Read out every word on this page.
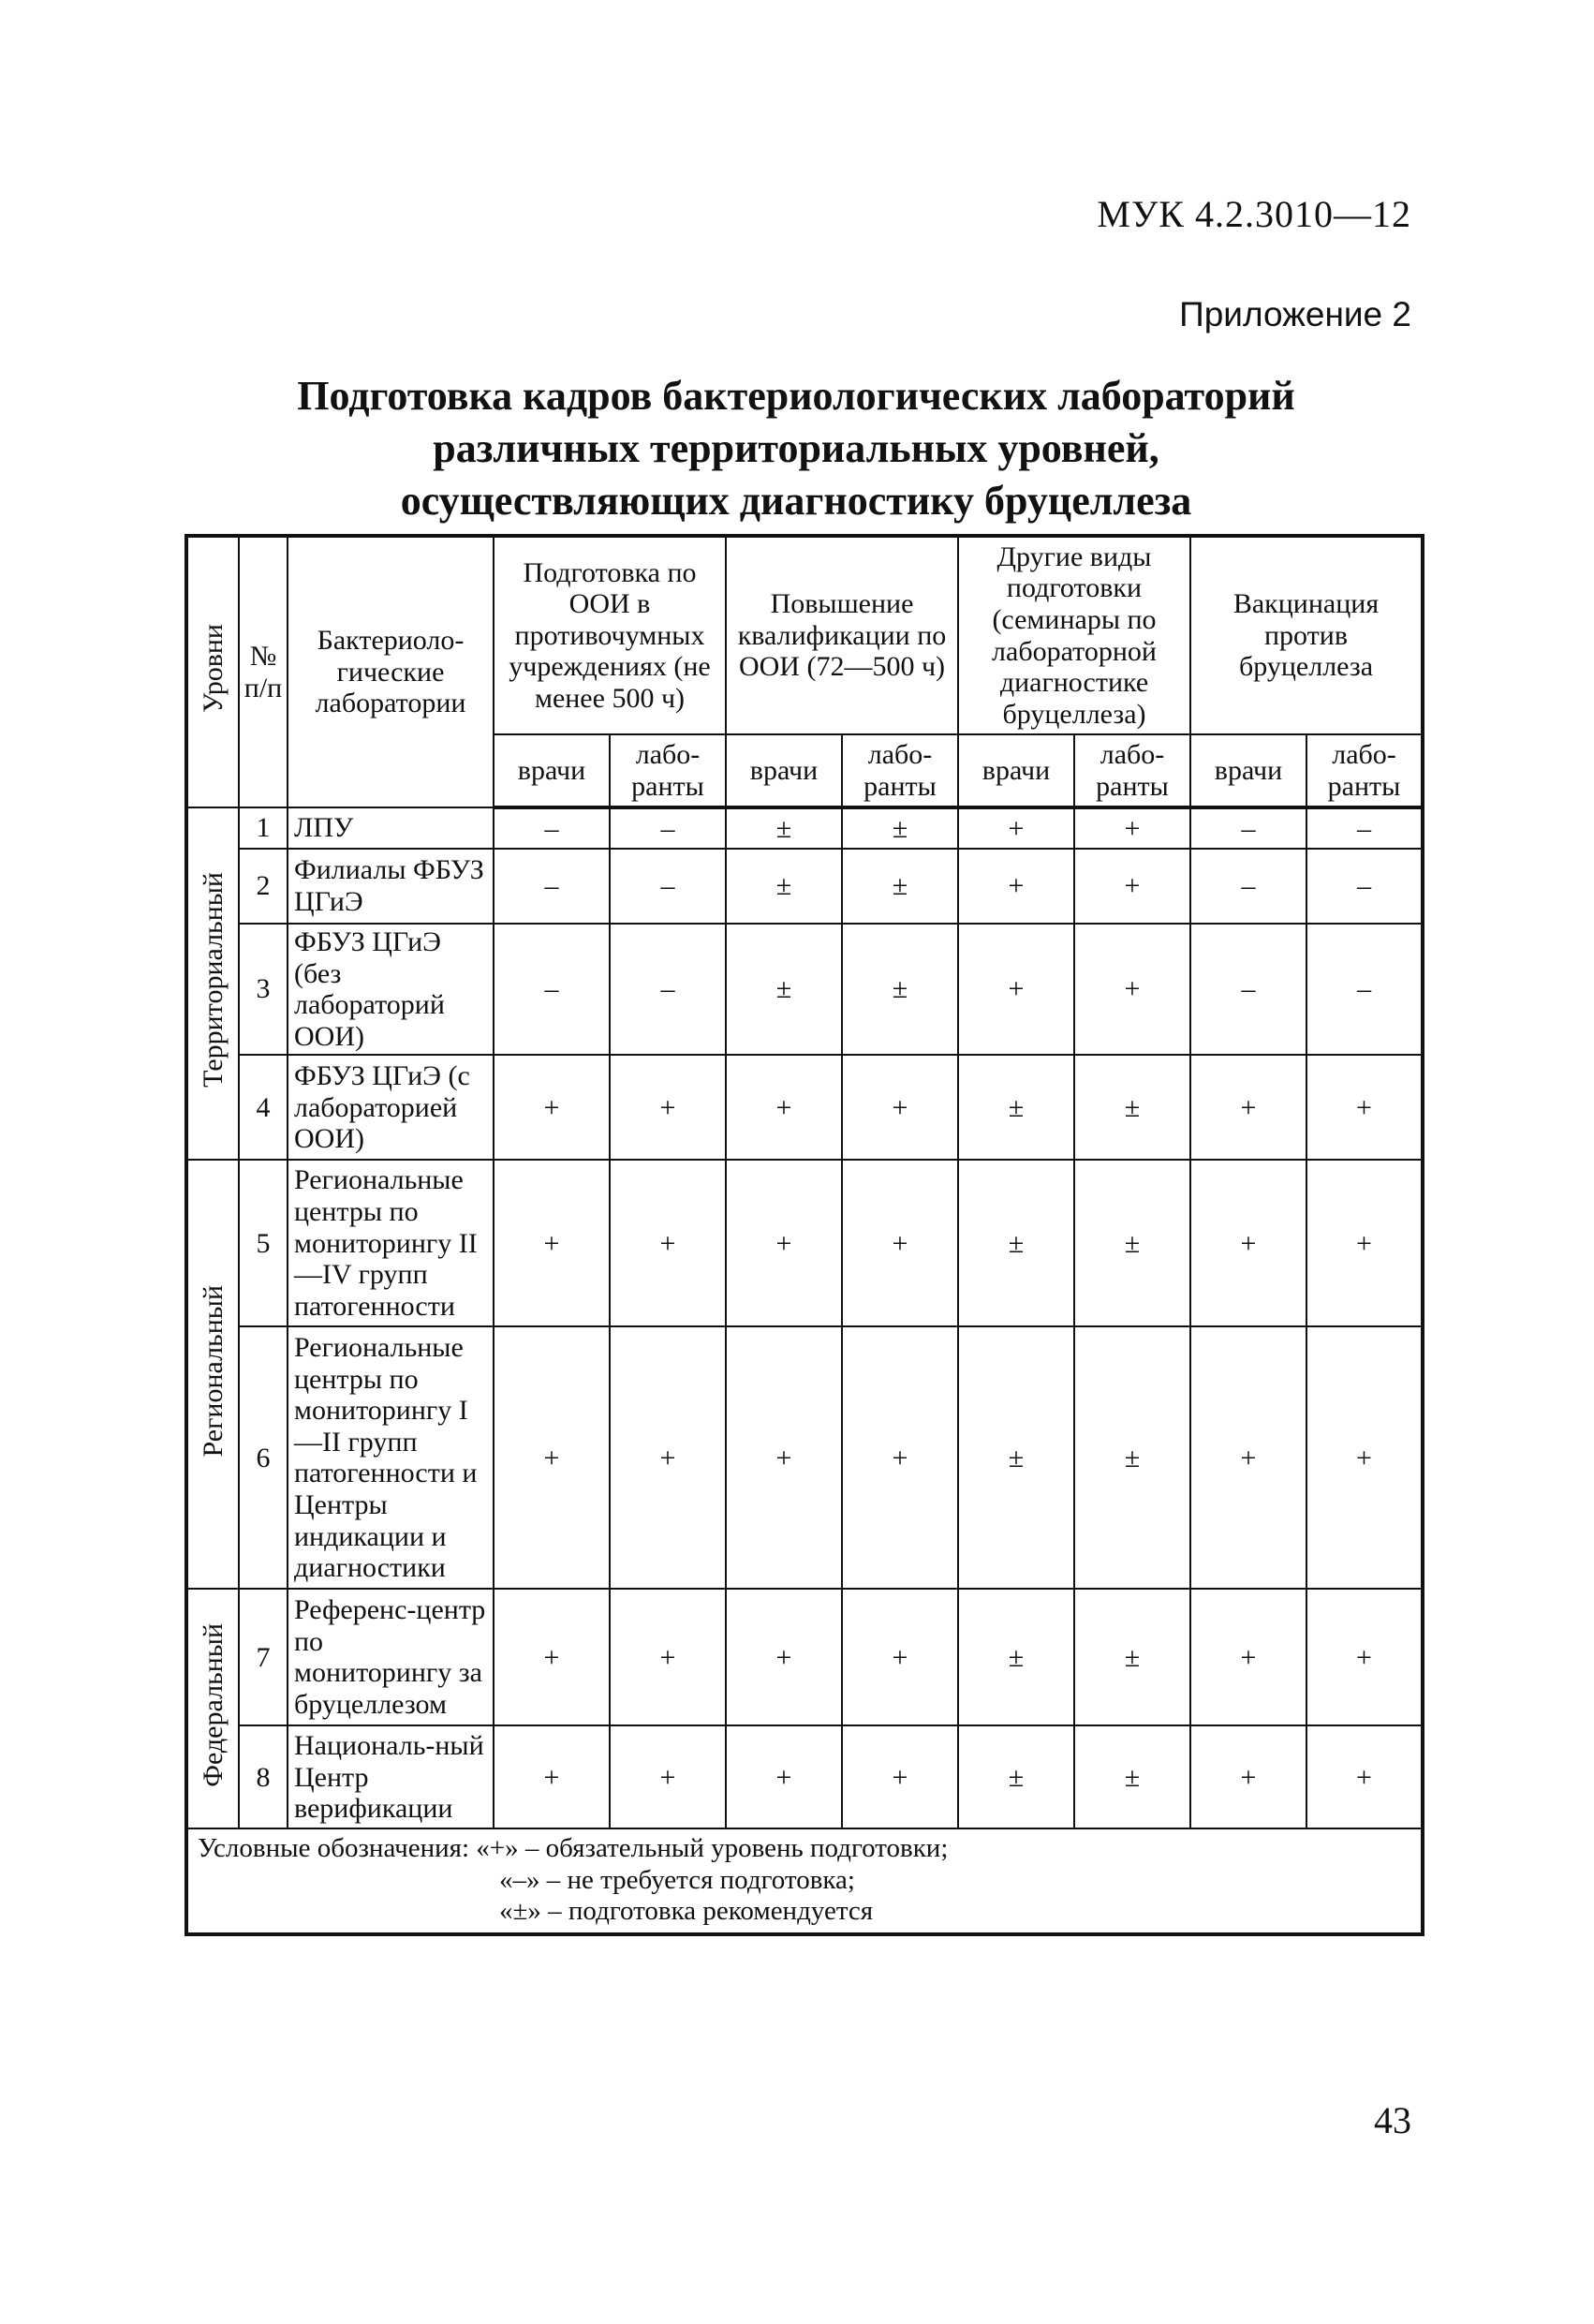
МУК 4.2.3010—12
Приложение 2
Подготовка кадров бактериологических лабораторий
различных территориальных уровней,
осуществляющих диагностику бруцеллеза
Уровни	№ п/п	Бактериоло-гические лаборатории	Подготовка по ООИ в противочумных учреждениях (не менее 500 ч)		Повышение квалификации по ООИ (72—500 ч)		Другие виды подготовки (семинары по лабораторной диагностике бруцеллеза)		Вакцинация против бруцеллеза	
			врачи	лабо-ранты	врачи	лабо-ранты	врачи	лабо-ранты	врачи	лабо-ранты
Территориальный	1	ЛПУ	–	–	±	±	+	+	–	–
	2	Филиалы ФБУЗ ЦГиЭ	–	–	±	±	+	+	–	–
	3	ФБУЗ ЦГиЭ (без лабораторий ООИ)	–	–	±	±	+	+	–	–
	4	ФБУЗ ЦГиЭ (с лабораторией ООИ)	+	+	+	+	±	±	+	+
Региональный	5	Региональные центры по мониторингу II—IV групп патогенности	+	+	+	+	±	±	+	+
	6	Региональные центры по мониторингу I—II групп патогенности и Центры индикации и диагностики	+	+	+	+	±	±	+	+
Федеральный	7	Референс-центр по мониторингу за бруцеллезом	+	+	+	+	±	±	+	+
	8	Националь-ный Центр верификации	+	+	+	+	±	±	+	+

Условные обозначения: «+» – обязательный уровень подготовки;
«–» – не требуется подготовка;
«±» – подготовка рекомендуется										
43
